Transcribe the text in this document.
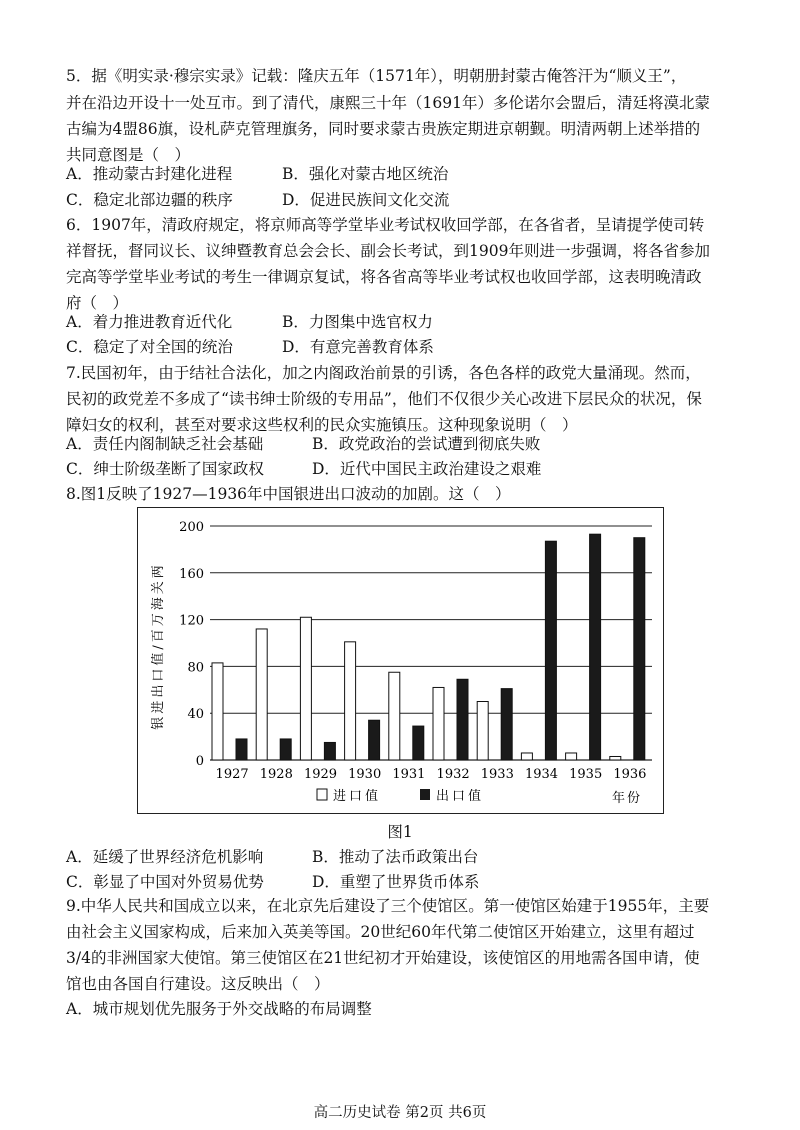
5．据《明实录·穆宗实录》记载：隆庆五年（1571年），明朝册封蒙古俺答汗为“顺义王”，
并在沿边开设十一处互市。到了清代，康熙三十年（1691年）多伦诺尔会盟后，清廷将漠北蒙
古编为4盟86旗，设札萨克管理旗务，同时要求蒙古贵族定期进京朝觐。明清两朝上述举措的
共同意图是（　）
A．推动蒙古封建化进程	B．强化对蒙古地区统治
C．稳定北部边疆的秩序	D．促进民族间文化交流
6．1907年，清政府规定，将京师高等学堂毕业考试权收回学部，在各省者，呈请提学使司转
祥督抚，督同议长、议绅暨教育总会会长、副会长考试，到1909年则进一步强调，将各省参加
完高等学堂毕业考试的考生一律调京复试，将各省高等毕业考试权也收回学部，这表明晚清政
府（　）
A．着力推进教育近代化	B．力图集中选官权力
C．稳定了对全国的统治	D．有意完善教育体系
7.民国初年，由于结社合法化，加之内阁政治前景的引诱，各色各样的政党大量涌现。然而，
民初的政党差不多成了“读书绅士阶级的专用品”，他们不仅很少关心改进下层民众的状况，保
障妇女的权利，甚至对要求这些权利的民众实施镇压。这种现象说明（　）
A．责任内阁制缺乏社会基础	B．政党政治的尝试遭到彻底失败
C．绅士阶级垄断了国家政权	D．近代中国民主政治建设之艰难
8.图1反映了1927—1936年中国银进出口波动的加剧。这（　）
0
40
80
120
160
200
1927 1928 1929 1930 1931 1932 1933 1934 1935 1936
银进出口值/百万海关两
进口值	出口值	年份
图1
A．延缓了世界经济危机影响	B．推动了法币政策出台
C．彰显了中国对外贸易优势	D．重塑了世界货币体系
9.中华人民共和国成立以来，在北京先后建设了三个使馆区。第一使馆区始建于1955年，主要
由社会主义国家构成，后来加入英美等国。20世纪60年代第二使馆区开始建立，这里有超过
3/4的非洲国家大使馆。第三使馆区在21世纪初才开始建设，该使馆区的用地需各国申请，使
馆也由各国自行建设。这反映出（　）
A．城市规划优先服务于外交战略的布局调整
高二历史试卷 第2页 共6页
